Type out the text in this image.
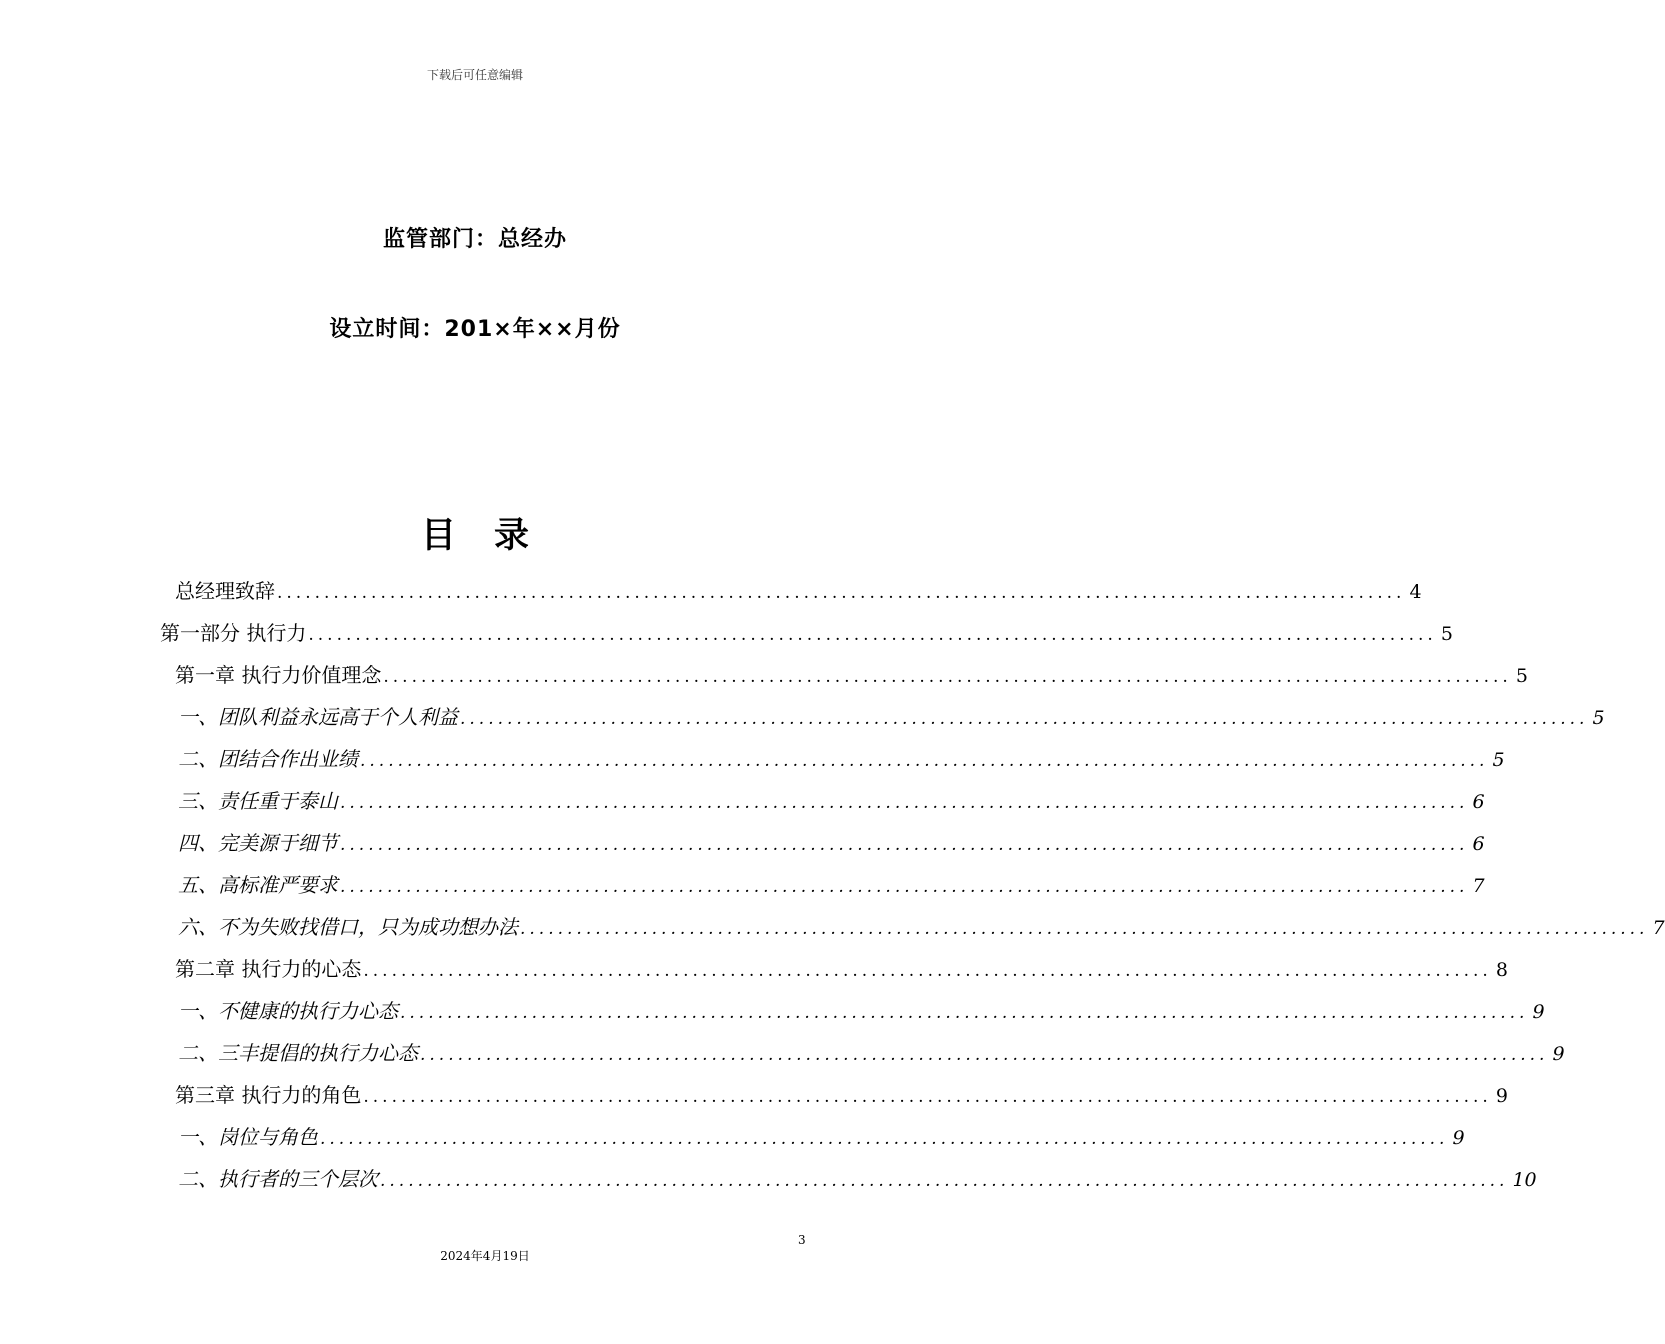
下载后可任意编辑
监管部门：总经办
设立时间：201×年××月份
目录
总经理致辞 ........................................................................................................................ 4
第一部分 执行力 ........................................................................................................................ 5
第一章 执行力价值理念 ........................................................................................................................ 5
一、 团队利益永远高于个人利益 ........................................................................................................................ 5
二、 团结合作出业绩 ........................................................................................................................ 5
三、 责任重于泰山 ........................................................................................................................ 6
四、 完美源于细节 ........................................................................................................................ 6
五、 高标准严要求 ........................................................................................................................ 7
六、 不为失败找借口，只为成功想办法 ........................................................................................................................ 7
第二章 执行力的心态 ........................................................................................................................ 8
一、 不健康的执行力心态 ........................................................................................................................ 9
二、 三丰提倡的执行力心态 ........................................................................................................................ 9
第三章 执行力的角色 ........................................................................................................................ 9
一、 岗位与角色 ........................................................................................................................ 9
二、 执行者的三个层次 ........................................................................................................................ 10
3
2024年4月19日
